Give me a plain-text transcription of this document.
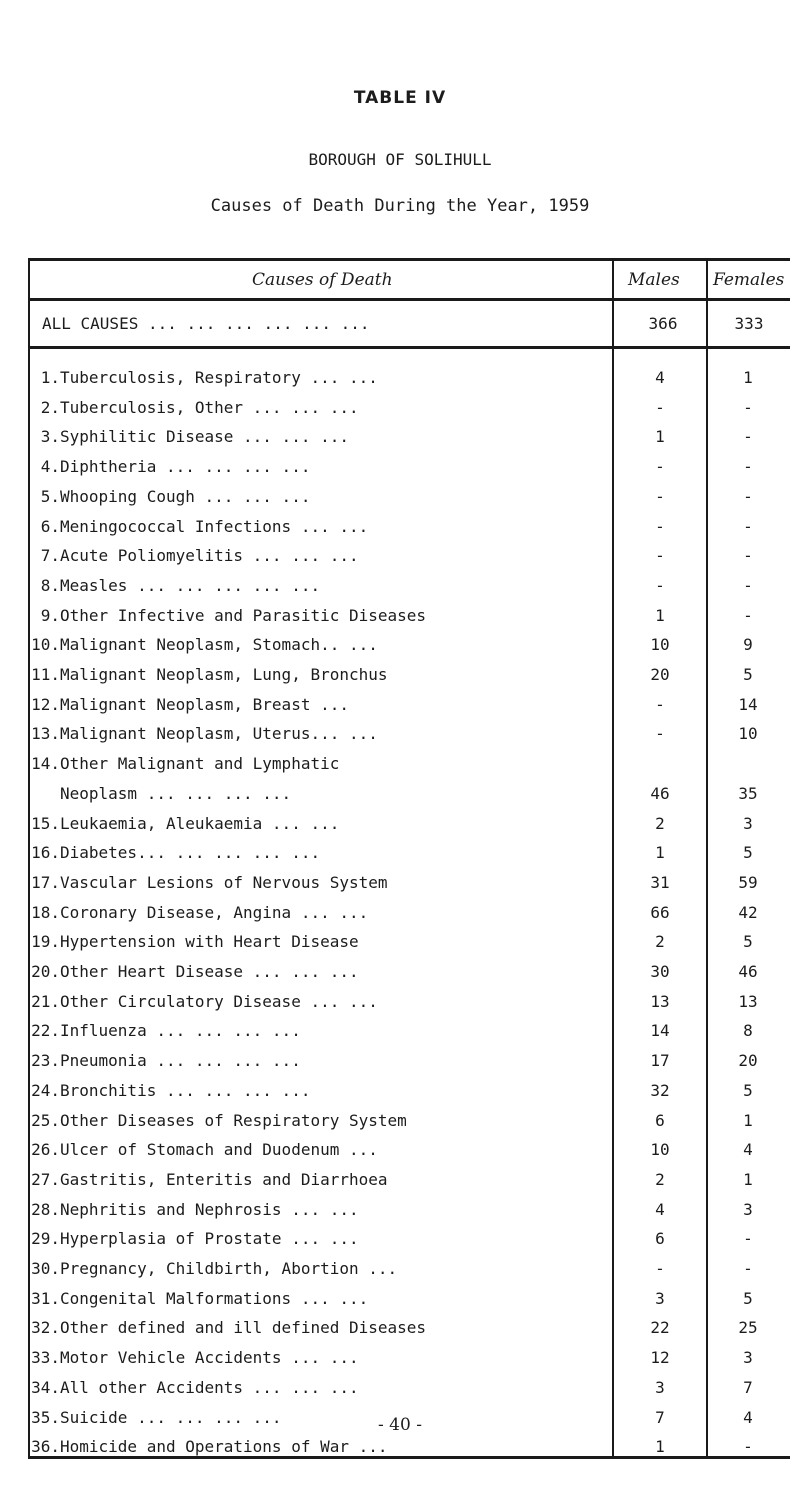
TABLE IV
BOROUGH OF SOLIHULL
Causes of Death During the Year, 1959
Causes of Death	Males Females
ALL CAUSES ... ... ... ... ... ...	366	333
1. Tuberculosis, Respiratory ... ...	4	1
2. Tuberculosis, Other ... ... ...	-	-
3. Syphilitic Disease ... ... ...	1	-
4. Diphtheria ... ... ... ...	-	-
5. Whooping Cough ... ... ...	-	-
6. Meningococcal Infections ... ...	-	-
7. Acute Poliomyelitis ... ... ...	-	-
8. Measles ... ... ... ... ...	-	-
9. Other Infective and Parasitic Diseases	1	-
10. Malignant Neoplasm, Stomach.. ...	10	9
11. Malignant Neoplasm, Lung, Bronchus	20	5
12. Malignant Neoplasm, Breast ...	-	14
13. Malignant Neoplasm, Uterus... ...	-	10
14. Other Malignant and Lymphatic
Neoplasm ... ... ... ...	46	35
15. Leukaemia, Aleukaemia ... ...	2	3
16. Diabetes... ... ... ... ...	1	5
17. Vascular Lesions of Nervous System	31	59
18. Coronary Disease, Angina ... ...	66	42
19. Hypertension with Heart Disease	2	5
20. Other Heart Disease ... ... ...	30	46
21. Other Circulatory Disease ... ...	13	13
22. Influenza ... ... ... ...	14	8
23. Pneumonia ... ... ... ...	17	20
24. Bronchitis ... ... ... ...	32	5
25. Other Diseases of Respiratory System	6	1
26. Ulcer of Stomach and Duodenum ...	10	4
27. Gastritis, Enteritis and Diarrhoea	2	1
28. Nephritis and Nephrosis ... ...	4	3
29. Hyperplasia of Prostate ... ...	6	-
30. Pregnancy, Childbirth, Abortion ...	-	-
31. Congenital Malformations ... ...	3	5
32. Other defined and ill defined Diseases	22	25
33. Motor Vehicle Accidents ... ...	12	3
34. All other Accidents ... ... ...	3	7
35. Suicide ... ... ... ...	7	4
36. Homicide and Operations of War ...	1	-
- 40 -
